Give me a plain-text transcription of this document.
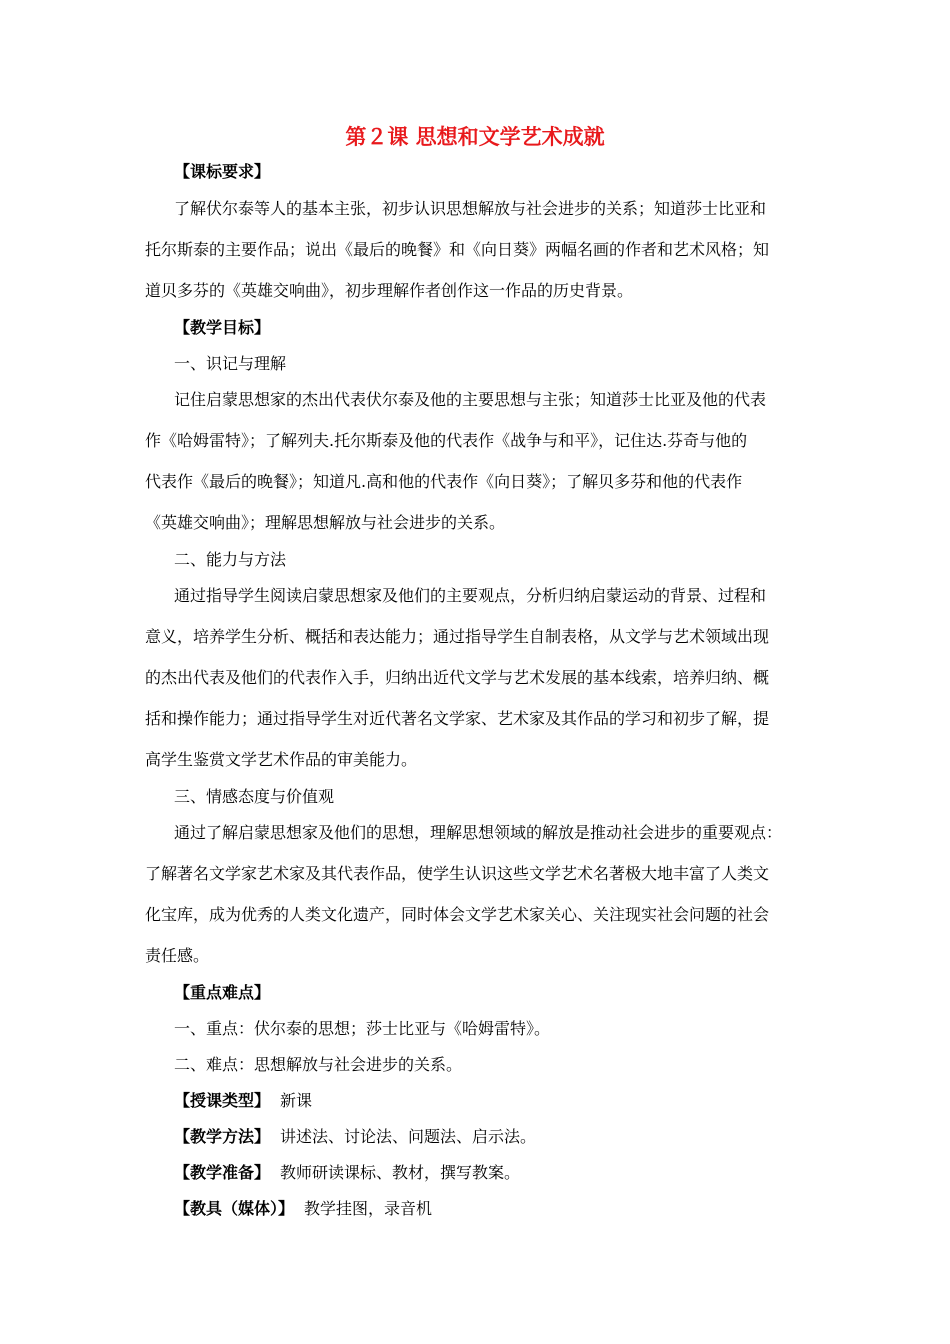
第２课 思想和文学艺术成就
【课标要求】
了解伏尔泰等人的基本主张，初步认识思想解放与社会进步的关系；知道莎士比亚和
托尔斯泰的主要作品；说出《最后的晚餐》和《向日葵》两幅名画的作者和艺术风格；知
道贝多芬的《英雄交响曲》，初步理解作者创作这一作品的历史背景。
【教学目标】
一、识记与理解
记住启蒙思想家的杰出代表伏尔泰及他的主要思想与主张；知道莎士比亚及他的代表
作《哈姆雷特》；了解列夫.托尔斯泰及他的代表作《战争与和平》，记住达.芬奇与他的
代表作《最后的晚餐》；知道凡.高和他的代表作《向日葵》；了解贝多芬和他的代表作
《英雄交响曲》；理解思想解放与社会进步的关系。
二、能力与方法
通过指导学生阅读启蒙思想家及他们的主要观点，分析归纳启蒙运动的背景、过程和
意义，培养学生分析、概括和表达能力；通过指导学生自制表格，从文学与艺术领域出现
的杰出代表及他们的代表作入手，归纳出近代文学与艺术发展的基本线索，培养归纳、概
括和操作能力；通过指导学生对近代著名文学家、艺术家及其作品的学习和初步了解，提
高学生鉴赏文学艺术作品的审美能力。
三、情感态度与价值观
通过了解启蒙思想家及他们的思想，理解思想领域的解放是推动社会进步的重要观点：
了解著名文学家艺术家及其代表作品，使学生认识这些文学艺术名著极大地丰富了人类文
化宝库，成为优秀的人类文化遗产，同时体会文学艺术家关心、关注现实社会问题的社会
责任感。
【重点难点】
一、重点：伏尔泰的思想；莎士比亚与《哈姆雷特》。
二、难点：思想解放与社会进步的关系。
【授课类型】 新课
【教学方法】 讲述法、讨论法、问题法、启示法。
【教学准备】 教师研读课标、教材，撰写教案。
【教具（媒体）】 教学挂图，录音机
